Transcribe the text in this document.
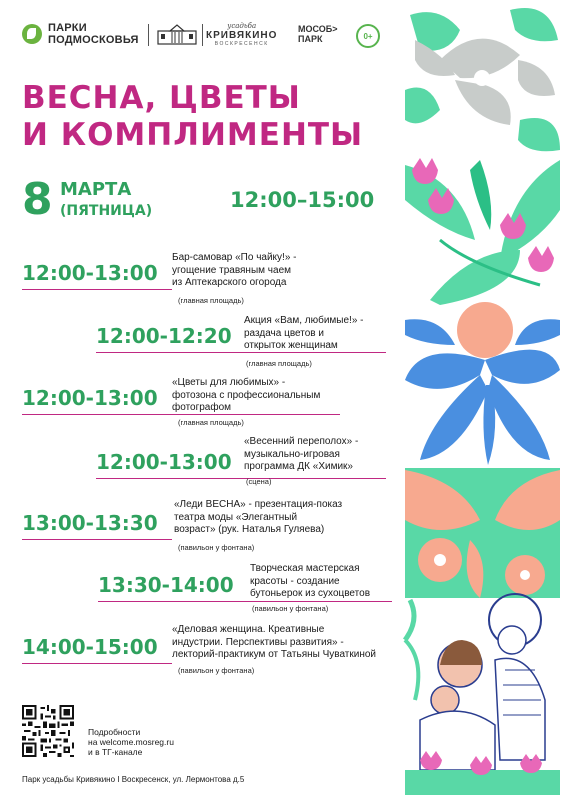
ПАРКИ
ПОДМОСКОВЬЯ
усадьба
КРИВЯКИНО
ВОСКРЕСЕНСК
МОСОБ>
ПАРК	0+
ВЕСНА, ЦВЕТЫ
И КОМПЛИМЕНТЫ
8 МАРТА
(ПЯТНИЦА)	12:00–15:00
12:00-13:00
Бар-самовар «По чайку!» -
угощение травяным чаем
из Аптекарского огорода
(главная площадь)
12:00-12:20
Акция «Вам, любимые!» -
раздача цветов и
открыток женщинам
(главная площадь)
12:00-13:00
«Цветы для любимых» -
фотозона с профессиональным
фотографом
(главная площадь)
12:00-13:00
«Весенний переполох» -
музыкально-игровая
программа ДК «Химик»
(сцена)
13:00-13:30
«Леди ВЕСНА» - презентация-показ
театра моды «Элегантный
возраст» (рук. Наталья Гуляева)
(павильон у фонтана)
13:30-14:00
Творческая мастерская
красоты - создание
бутоньерок из сухоцветов
(павильон у фонтана)
14:00-15:00
«Деловая женщина. Креативные
индустрии. Перспективы развития» -
лекторий-практикум от Татьяны Чуваткиной
(павильон у фонтана)
Подробности
на welcome.mosreg.ru
и в ТГ-канале
Парк усадьбы Кривякино I Воскресенск, ул. Лермонтова д.5
